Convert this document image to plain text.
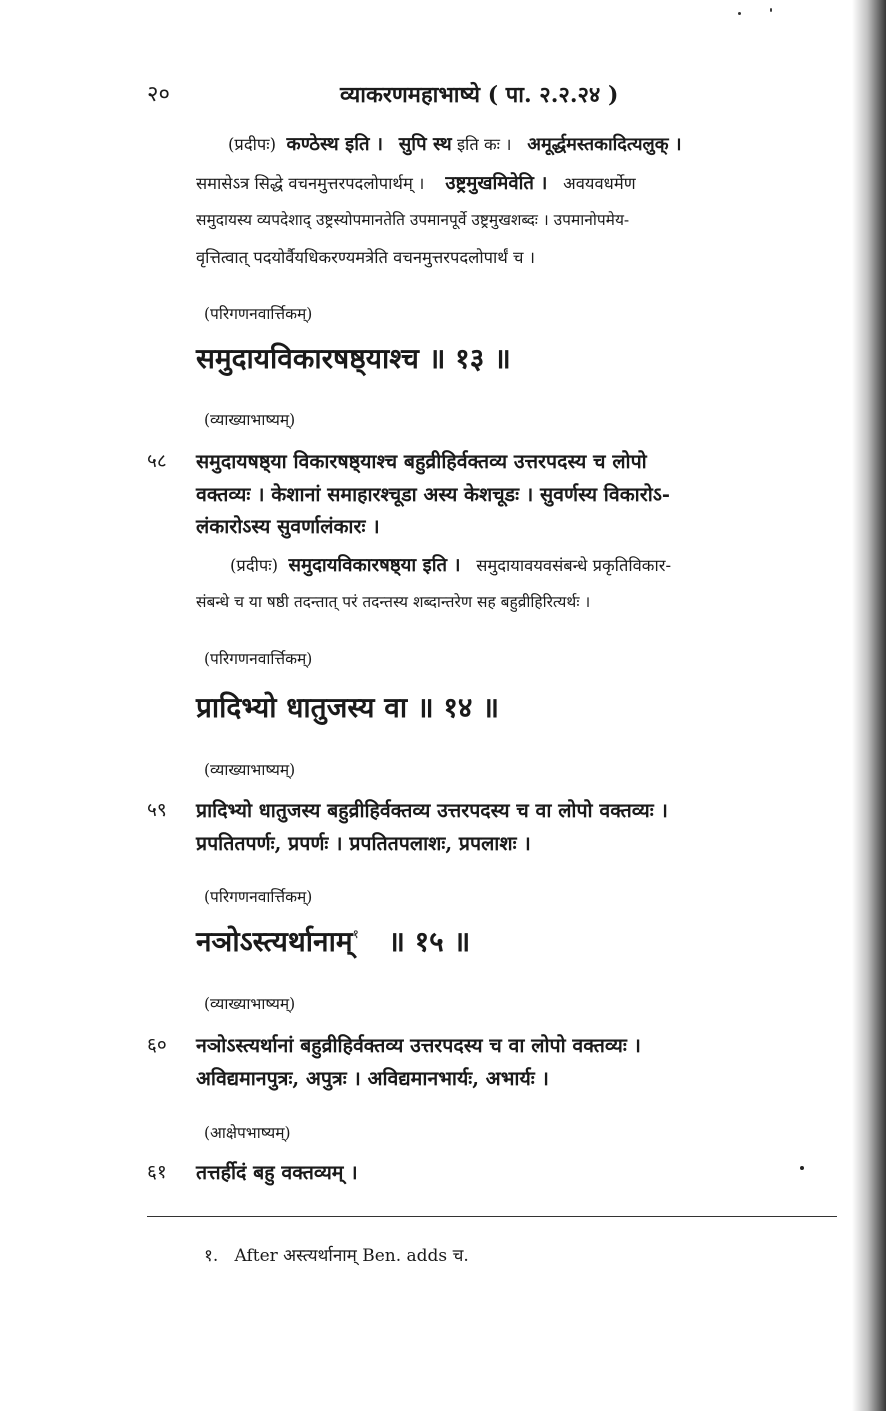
२०	व्याकरणमहाभाष्ये ( पा. २.२.२४ )
(प्रदीपः) कण्ठेस्थ इति । सुपि स्थ इति कः । अमूर्द्धमस्तकादित्यलुक् ।
समासेऽत्र सिद्धे वचनमुत्तरपदलोपार्थम् । उष्ट्रमुखमिवेति । अवयवधर्मेण
समुदायस्य व्यपदेशाद् उष्ट्रस्योपमानतेति उपमानपूर्वे उष्ट्रमुखशब्दः । उपमानोपमेय-
वृत्तित्वात् पदयोर्वैयधिकरण्यमत्रेति वचनमुत्तरपदलोपार्थं च ।
(परिगणनवार्त्तिकम्)
समुदायविकारषष्ठ्याश्च ॥ १३ ॥
(व्याख्याभाष्यम्)
५८ समुदायषष्ठ्या विकारषष्ठ्याश्च बहुव्रीहिर्वक्तव्य उत्तरपदस्य च लोपो
वक्तव्यः । केशानां समाहारश्चूडा अस्य केशचूडः । सुवर्णस्य विकारोऽ-
लंकारोऽस्य सुवर्णालंकारः ।
(प्रदीपः) समुदायविकारषष्ठ्या इति । समुदायावयवसंबन्धे प्रकृतिविकार-
संबन्धे च या षष्ठी तदन्तात् परं तदन्तस्य शब्दान्तरेण सह बहुव्रीहिरित्यर्थः ।
(परिगणनवार्त्तिकम्)
प्रादिभ्यो धातुजस्य वा ॥ १४ ॥
(व्याख्याभाष्यम्)
५९ प्रादिभ्यो धातुजस्य बहुव्रीहिर्वक्तव्य उत्तरपदस्य च वा लोपो वक्तव्यः ।
प्रपतितपर्णः, प्रपर्णः । प्रपतितपलाशः, प्रपलाशः ।
(परिगणनवार्त्तिकम्)
नञोऽस्त्यर्थानाम्$^१$ ॥ १५ ॥
(व्याख्याभाष्यम्)
६० नञोऽस्त्यर्थानां बहुव्रीहिर्वक्तव्य उत्तरपदस्य च वा लोपो वक्तव्यः ।
अविद्यमानपुत्रः, अपुत्रः । अविद्यमानभार्यः, अभार्यः ।
(आक्षेपभाष्यम्)
६१ तत्तर्हीदं बहु वक्तव्यम् ।
१. After अस्त्यर्थानाम् Ben. adds च.
